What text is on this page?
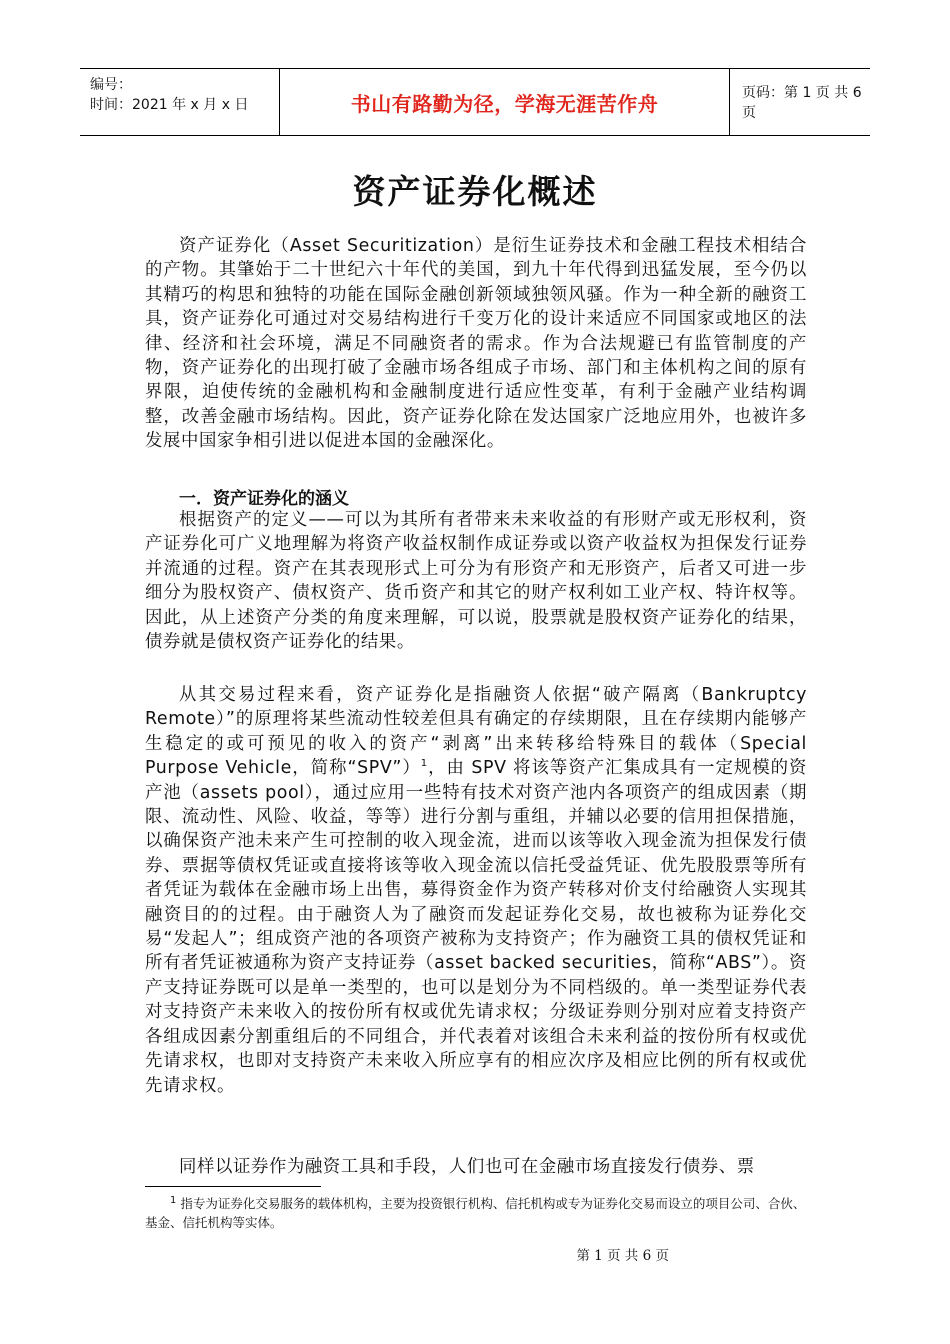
编号：
时间：2021 年 x 月 x 日	书山有路勤为径，学海无涯苦作舟	页码：第 1 页 共 6 页
资产证券化概述
资产证券化（Asset Securitization）是衍生证券技术和金融工程技术相结合的产物。其肇始于二十世纪六十年代的美国，到九十年代得到迅猛发展，至今仍以其精巧的构思和独特的功能在国际金融创新领域独领风骚。作为一种全新的融资工具，资产证券化可通过对交易结构进行千变万化的设计来适应不同国家或地区的法律、经济和社会环境，满足不同融资者的需求。作为合法规避已有监管制度的产物，资产证券化的出现打破了金融市场各组成子市场、部门和主体机构之间的原有界限，迫使传统的金融机构和金融制度进行适应性变革，有利于金融产业结构调整，改善金融市场结构。因此，资产证券化除在发达国家广泛地应用外，也被许多发展中国家争相引进以促进本国的金融深化。
一．资产证券化的涵义
根据资产的定义——可以为其所有者带来未来收益的有形财产或无形权利，资产证券化可广义地理解为将资产收益权制作成证券或以资产收益权为担保发行证券并流通的过程。资产在其表现形式上可分为有形资产和无形资产，后者又可进一步细分为股权资产、债权资产、货币资产和其它的财产权利如工业产权、特许权等。因此，从上述资产分类的角度来理解，可以说，股票就是股权资产证券化的结果，债券就是债权资产证券化的结果。
从其交易过程来看，资产证券化是指融资人依据“破产隔离（Bankruptcy Remote）”的原理将某些流动性较差但具有确定的存续期限，且在存续期内能够产生稳定的或可预见的收入的资产“剥离”出来转移给特殊目的载体（Special Purpose Vehicle，简称“SPV”）$^1$，由 SPV 将该等资产汇集成具有一定规模的资产池（assets pool），通过应用一些特有技术对资产池内各项资产的组成因素（期限、流动性、风险、收益，等等）进行分割与重组，并辅以必要的信用担保措施，以确保资产池未来产生可控制的收入现金流，进而以该等收入现金流为担保发行债券、票据等债权凭证或直接将该等收入现金流以信托受益凭证、优先股股票等所有者凭证为载体在金融市场上出售，募得资金作为资产转移对价支付给融资人实现其融资目的的过程。由于融资人为了融资而发起证券化交易，故也被称为证券化交易“发起人”；组成资产池的各项资产被称为支持资产；作为融资工具的债权凭证和所有者凭证被通称为资产支持证券（asset backed securities，简称“ABS”）。资产支持证券既可以是单一类型的，也可以是划分为不同档级的。单一类型证券代表对支持资产未来收入的按份所有权或优先请求权；分级证券则分别对应着支持资产各组成因素分割重组后的不同组合，并代表着对该组合未来利益的按份所有权或优先请求权，也即对支持资产未来收入所应享有的相应次序及相应比例的所有权或优先请求权。
同样以证券作为融资工具和手段，人们也可在金融市场直接发行债券、票
$^1$ 指专为证券化交易服务的载体机构，主要为投资银行机构、信托机构或专为证券化交易而设立的项目公司、合伙、基金、信托机构等实体。
第 1 页 共 6 页
